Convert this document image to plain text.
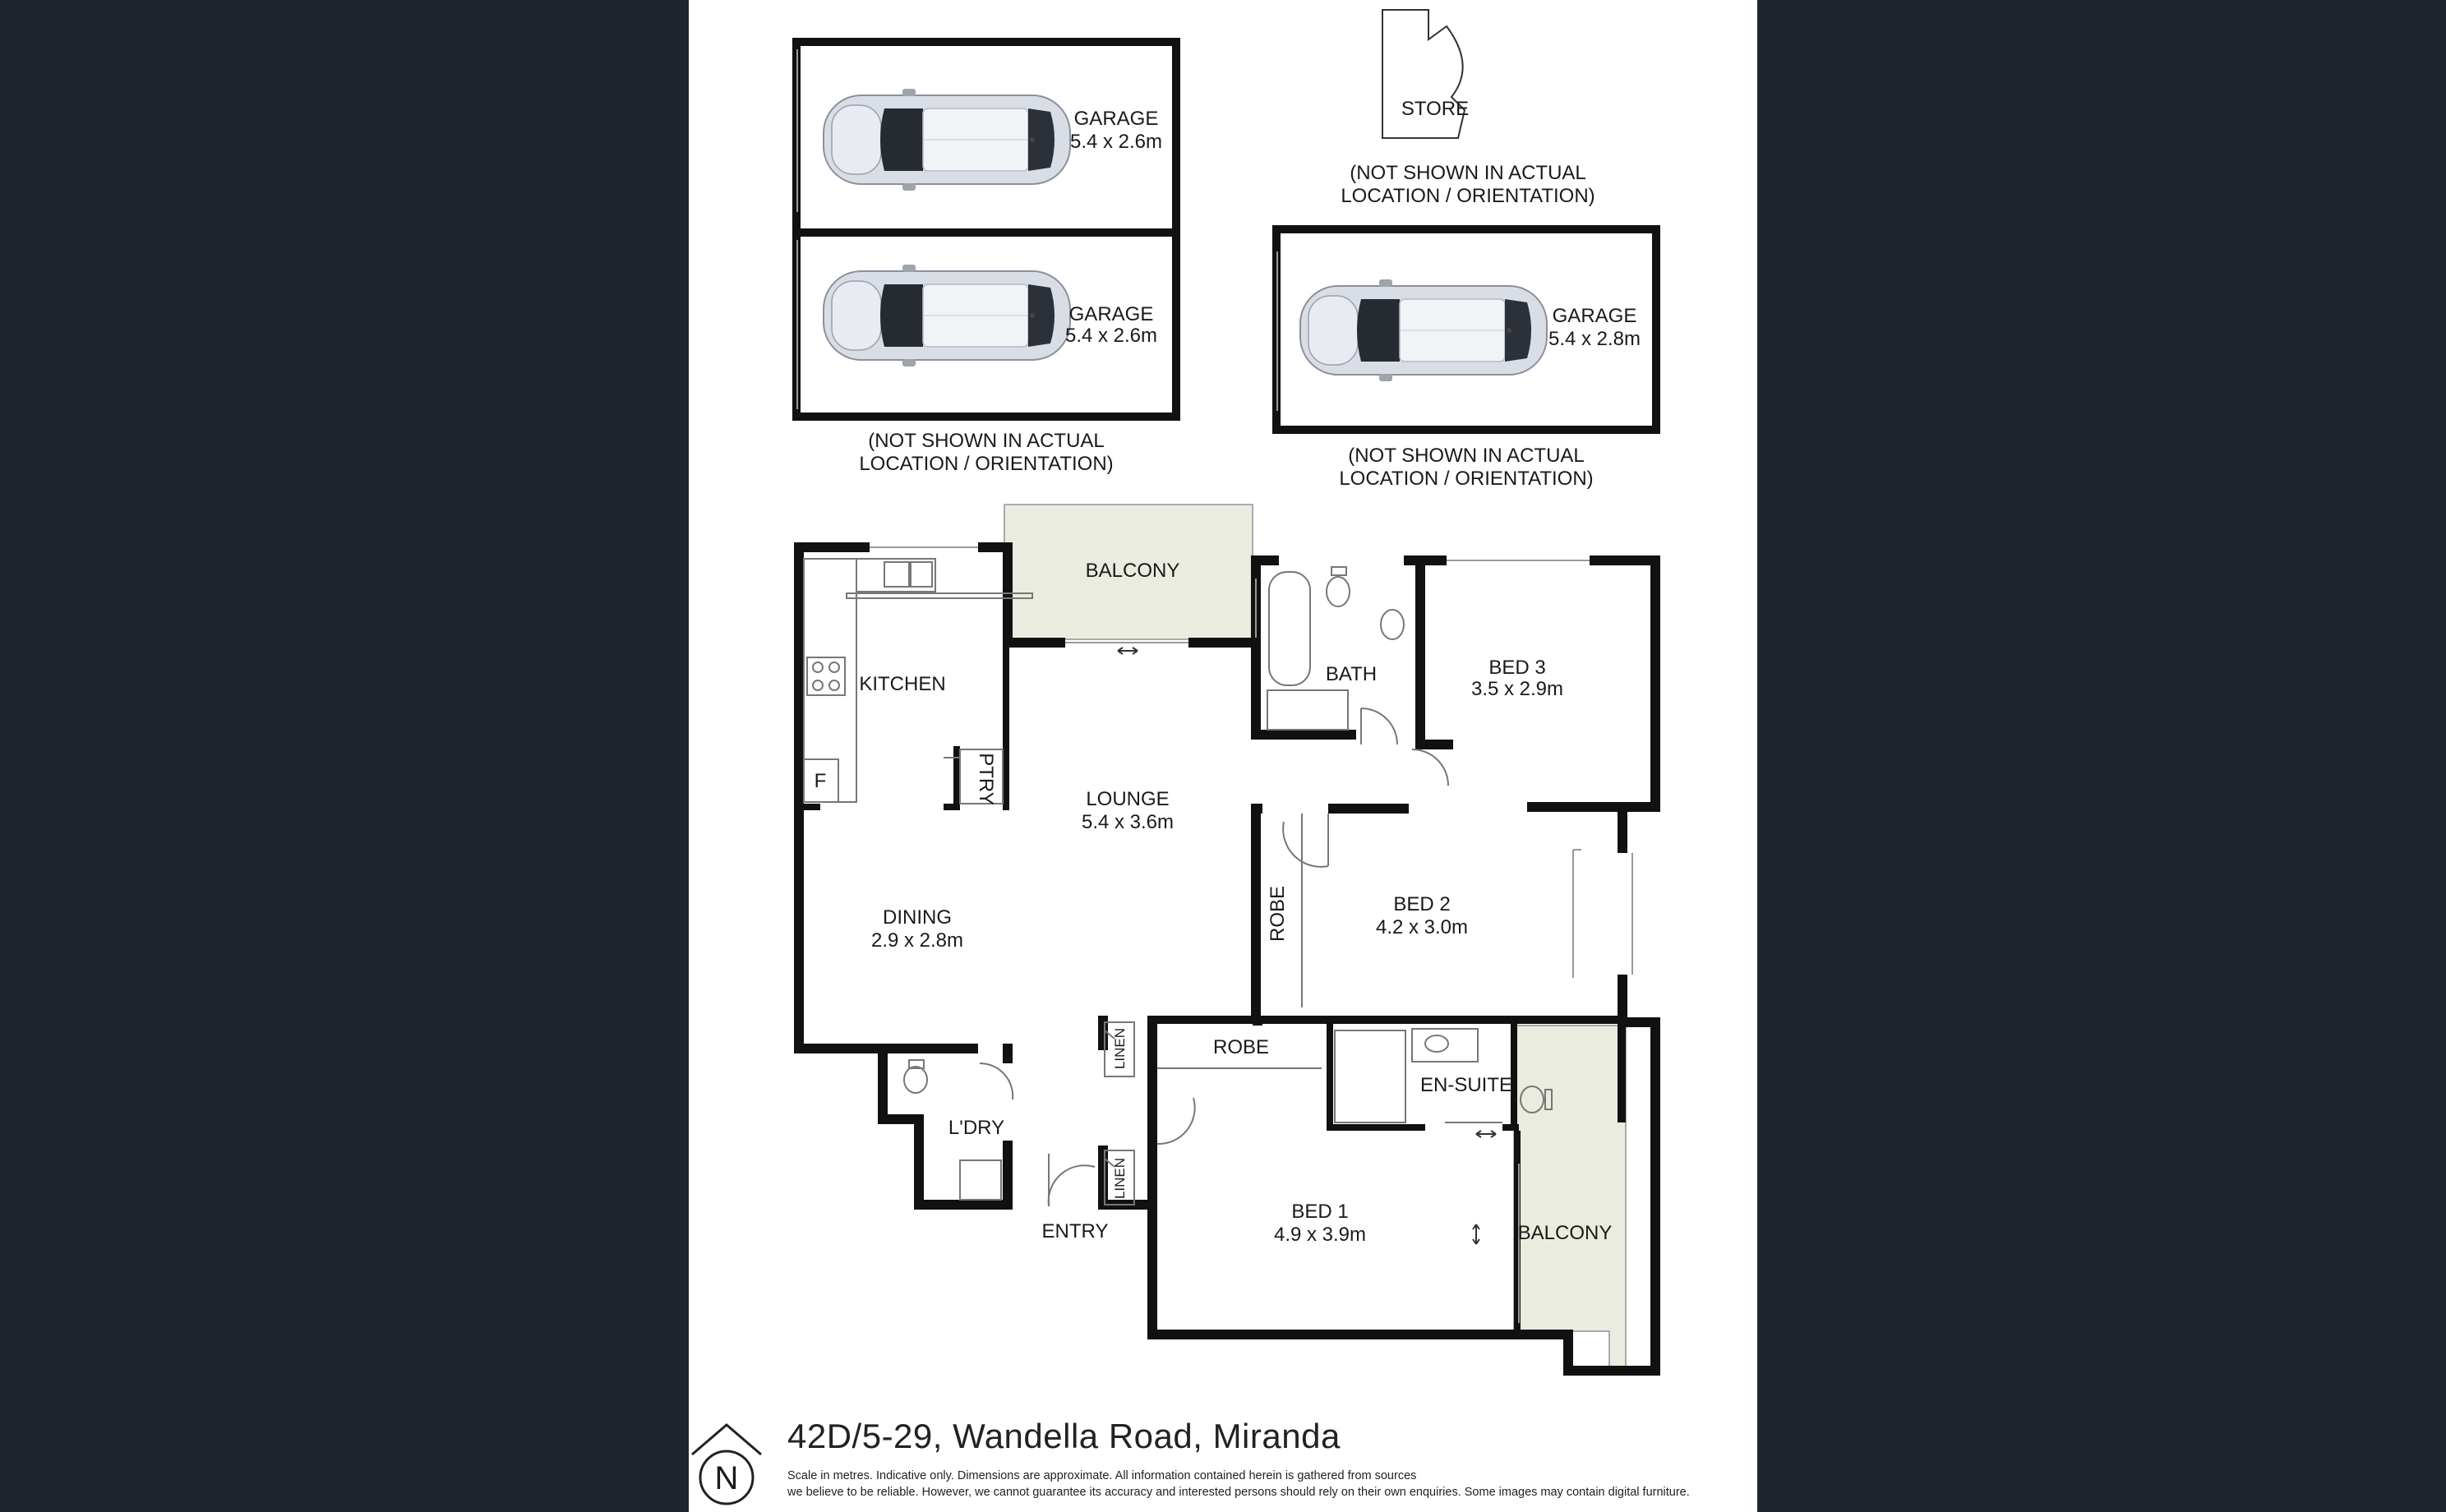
GARAGE
5.4 x 2.6m
GARAGE
5.4 x 2.6m
(NOT SHOWN IN ACTUAL
LOCATION / ORIENTATION)
STORE
(NOT SHOWN IN ACTUAL
LOCATION / ORIENTATION)
GARAGE
5.4 x 2.8m
(NOT SHOWN IN ACTUAL
LOCATION / ORIENTATION)
BALCONY
KITCHEN
F	PTRY
BATH	BED 3
3.5 x 2.9m
LOUNGE
5.4 x 3.6m
DINING
2.9 x 2.8m	ROBE	BED 2
4.2 x 3.0m
LINEN
LINEN
ROBE
EN-SUITE
L'DRY
ENTRY
BED 1
4.9 x 3.9m	BALCONY
N
42D/5-29, Wandella Road, Miranda
Scale in metres. Indicative only. Dimensions are approximate. All information contained herein is gathered from sources
we believe to be reliable. However, we cannot guarantee its accuracy and interested persons should rely on their own enquiries. Some images may contain digital furniture.
